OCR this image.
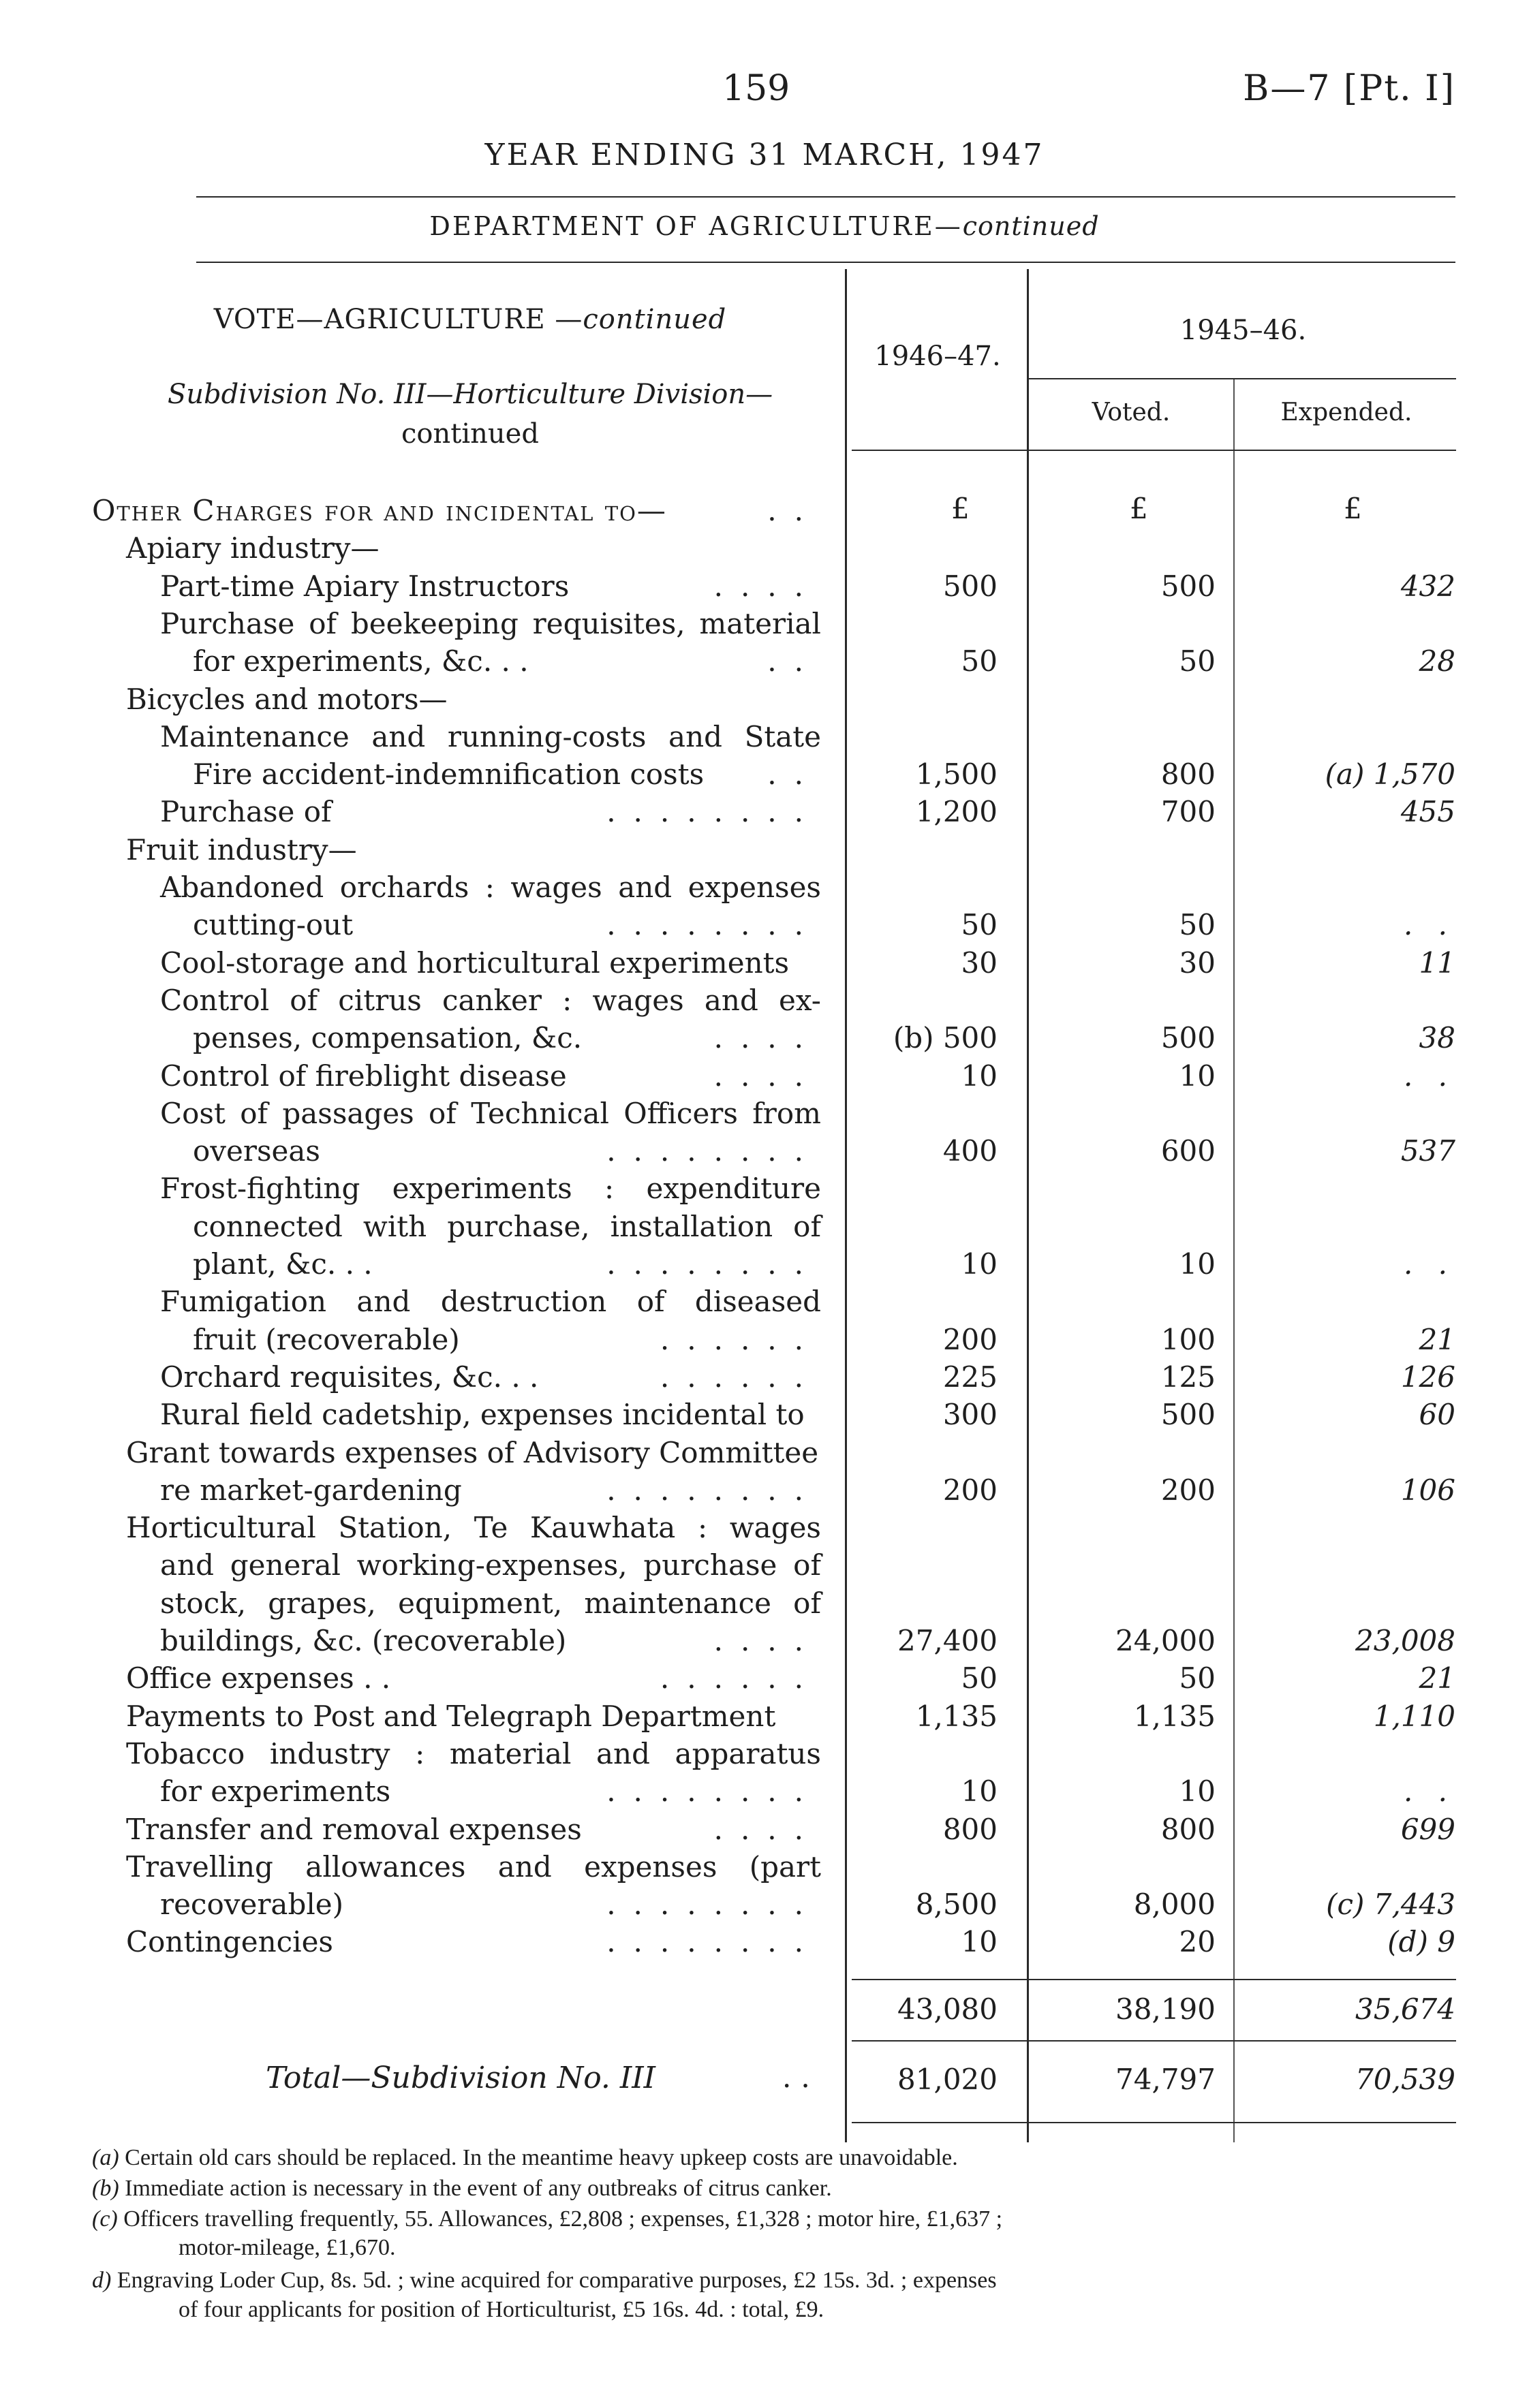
159	B—7 [Pt. I]
YEAR ENDING 31 MARCH, 1947
DEPARTMENT OF AGRICULTURE—continued
VOTE—AGRICULTURE —continued
Subdivision No. III—Horticulture Division—
continued
1946–47.
1945–46.
Voted.	Expended.
£	£	£
Other Charges for and incidental to—	..
Apiary industry—
Part-time Apiary Instructors	....	500	500	432
Purchase of beekeeping requisites, material
for experiments, &c. . .	..	50	50	28
Bicycles and motors—
Maintenance and running-costs and State
Fire accident-indemnification costs	..	1,500	800	(a) 1,570
Purchase of	........	1,200	700	455
Fruit industry—
Abandoned orchards : wages and expenses
cutting-out	........	50	50	. .
Cool-storage and horticultural experiments	30	30	11
Control of citrus canker : wages and ex-
penses, compensation, &c.	....	(b) 500	500	38
Control of fireblight disease	....	10	10	. .
Cost of passages of Technical Officers from
overseas	........	400	600	537
Frost-fighting experiments : expenditure
connected with purchase, installation of
plant, &c. . .	........	10	10	. .
Fumigation and destruction of diseased
fruit (recoverable)	......	200	100	21
Orchard requisites, &c. . .	......	225	125	126
Rural field cadetship, expenses incidental to	300	500	60
Grant towards expenses of Advisory Committee
re market-gardening	........	200	200	106
Horticultural Station, Te Kauwhata : wages
and general working-expenses, purchase of
stock, grapes, equipment, maintenance of
buildings, &c. (recoverable)	....	27,400	24,000	23,008
Office expenses . .	......	50	50	21
Payments to Post and Telegraph Department	1,135	1,135	1,110
Tobacco industry : material and apparatus
for experiments	........	10	10	. .
Transfer and removal expenses	....	800	800	699
Travelling allowances and expenses (part
recoverable)	........	8,500	8,000	(c) 7,443
Contingencies	........	10	20	(d) 9
43,080	38,190	35,674
Total—Subdivision No. III	..	81,020	74,797	70,539
(a) Certain old cars should be replaced. In the meantime heavy upkeep costs are unavoidable.
(b) Immediate action is necessary in the event of any outbreaks of citrus canker.
(c) Officers travelling frequently, 55. Allowances, £2,808 ; expenses, £1,328 ; motor hire, £1,637 ;
motor-mileage, £1,670.
d) Engraving Loder Cup, 8s. 5d. ; wine acquired for comparative purposes, £2 15s. 3d. ; expenses
of four applicants for position of Horticulturist, £5 16s. 4d. : total, £9.
